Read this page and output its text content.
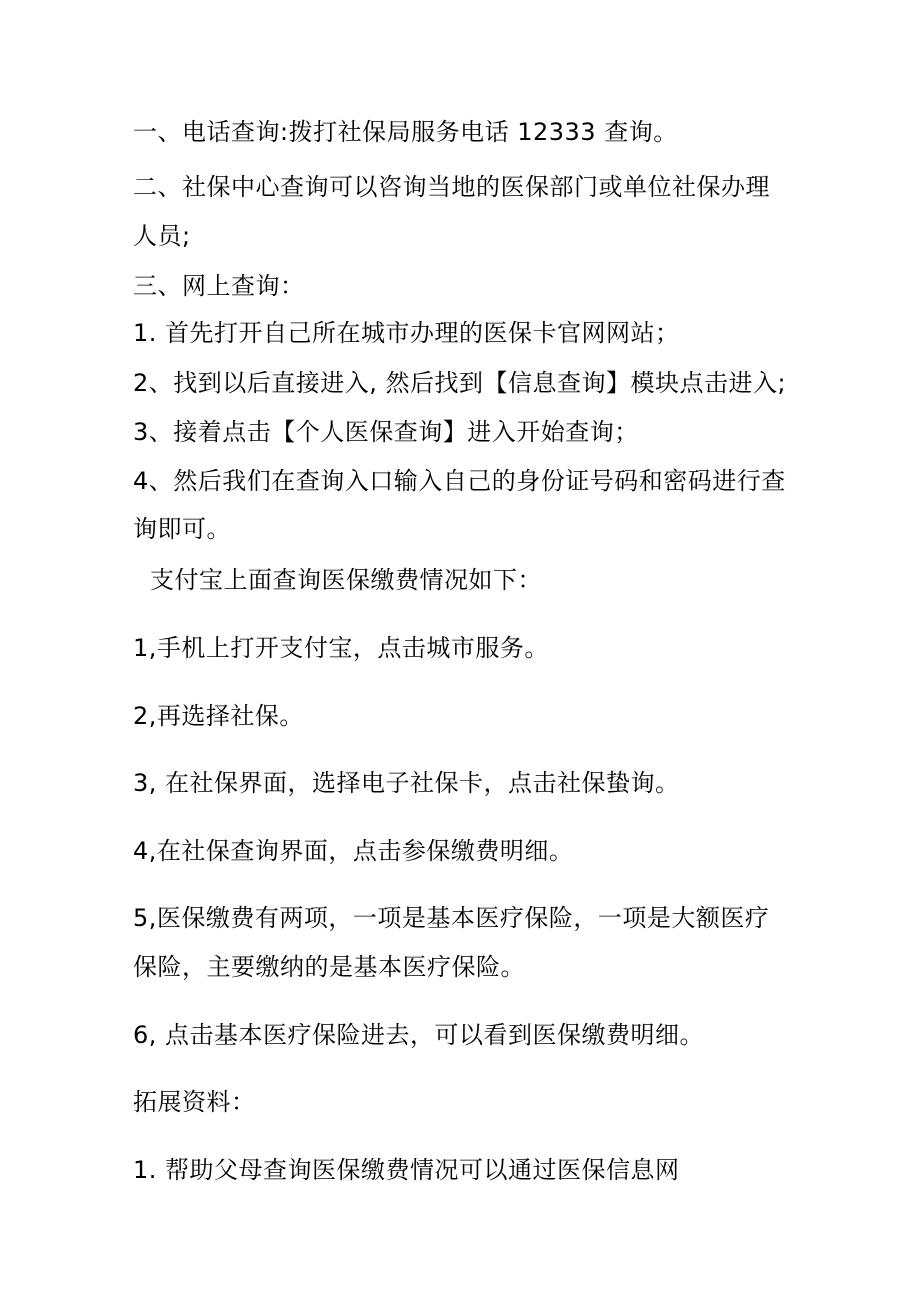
一、电话查询:拨打社保局服务电话 12333 查询。
二、社保中心查询可以咨询当地的医保部门或单位社保办理
人员;
三、网上查询：
1. 首先打开自己所在城市办理的医保卡官网网站；
2、找到以后直接进入, 然后找到【信息查询】模块点击进入;
3、接着点击【个人医保查询】进入开始查询；
4、然后我们在查询入口输入自己的身份证号码和密码进行查
询即可。
支付宝上面查询医保缴费情况如下：
1,手机上打开支付宝，点击城市服务。
2,再选择社保。
3, 在社保界面，选择电子社保卡，点击社保蛰询。
4,在社保查询界面，点击参保缴费明细。
5,医保缴费有两项，一项是基本医疗保险，一项是大额医疗
保险，主要缴纳的是基本医疗保险。
6, 点击基本医疗保险进去，可以看到医保缴费明细。
拓展资料：
1. 帮助父母查询医保缴费情况可以通过医保信息网
